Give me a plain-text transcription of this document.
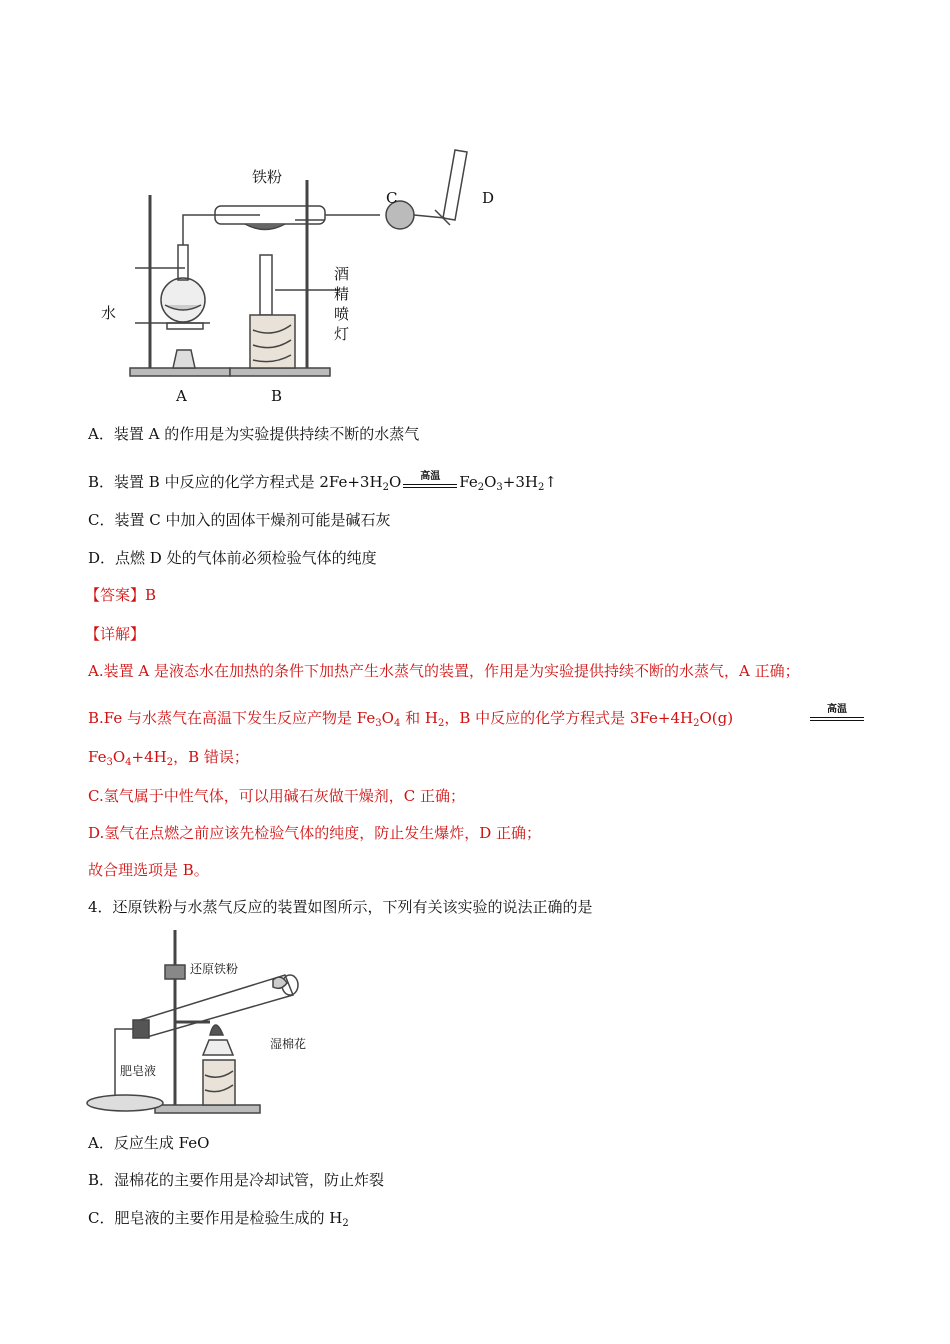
铁粉
水
C	D
酒
精
喷
灯
A	B
A．装置 A 的作用是为实验提供持续不断的水蒸气
B．装置 B 中反应的化学方程式是 $2Fe+3H_2O$	高温	$Fe_2O_3+3H_2↑$
C．装置 C 中加入的固体干燥剂可能是碱石灰
D．点燃 D 处的气体前必须检验气体的纯度
【答案】B
【详解】
A.装置 A 是液态水在加热的条件下加热产生水蒸气的装置，作用是为实验提供持续不断的水蒸气，A 正确；
B.Fe 与水蒸气在高温下发生反应产物是 $Fe_3O_4$ 和 $H_2$，B 中反应的化学方程式是 $3Fe+4H_2O(g)$	高温
$Fe_3O_4+4H_2$，B 错误；
C.氢气属于中性气体，可以用碱石灰做干燥剂，C 正确；
D.氢气在点燃之前应该先检验气体的纯度，防止发生爆炸，D 正确；
故合理选项是 B。
4．还原铁粉与水蒸气反应的装置如图所示，下列有关该实验的说法正确的是
还原铁粉
湿棉花
肥皂液
A．反应生成 FeO
B．湿棉花的主要作用是冷却试管，防止炸裂
C．肥皂液的主要作用是检验生成的 $H_2$
